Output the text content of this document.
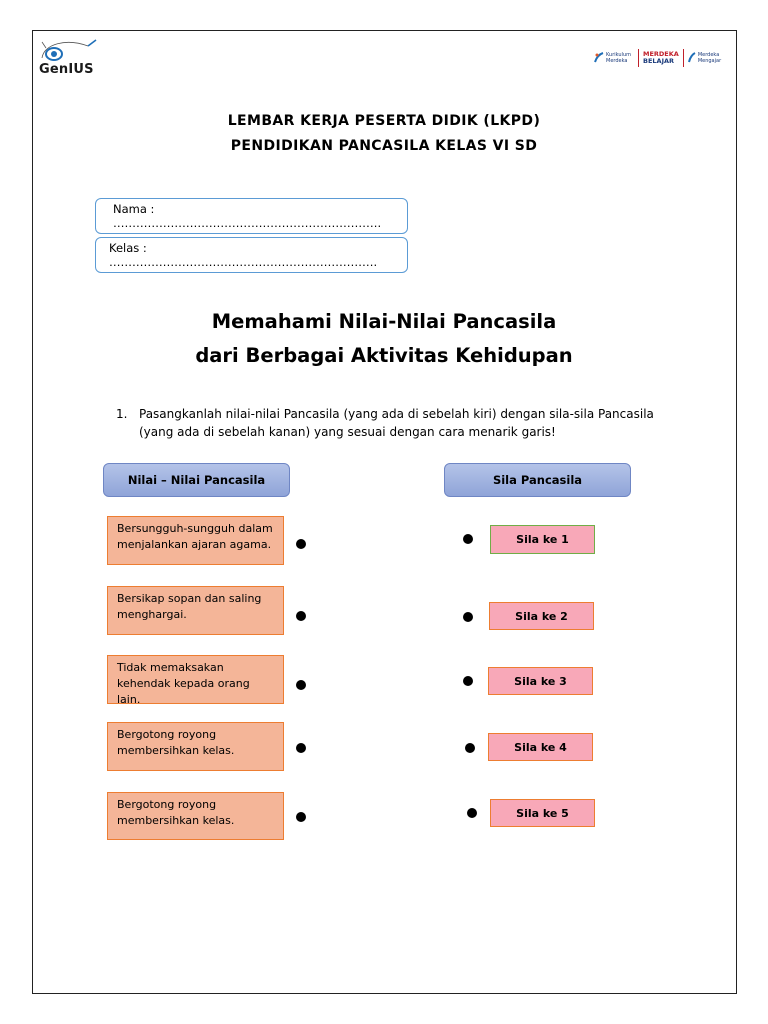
GenIUS
Kurikulum Merdeka
MERDEKA
BELAJAR
Merdeka Mengajar
LEMBAR KERJA PESERTA DIDIK (LKPD)
PENDIDIKAN PANCASILA KELAS VI SD
Nama : …………………………………………………………….
Kelas : …………………………………………………………….
Memahami Nilai-Nilai Pancasila
dari Berbagai Aktivitas Kehidupan
1. Pasangkanlah nilai-nilai Pancasila (yang ada di sebelah kiri) dengan sila-sila Pancasila (yang ada di sebelah kanan) yang sesuai dengan cara menarik garis!
Nilai – Nilai Pancasila	Sila Pancasila
Bersungguh-sungguh dalam menjalankan ajaran agama.
Bersikap sopan dan saling menghargai.
Tidak memaksakan kehendak kepada orang lain.
Bergotong royong membersihkan kelas.
Bergotong royong membersihkan kelas.
Sila ke 1
Sila ke 2
Sila ke 3
Sila ke 4
Sila ke 5
